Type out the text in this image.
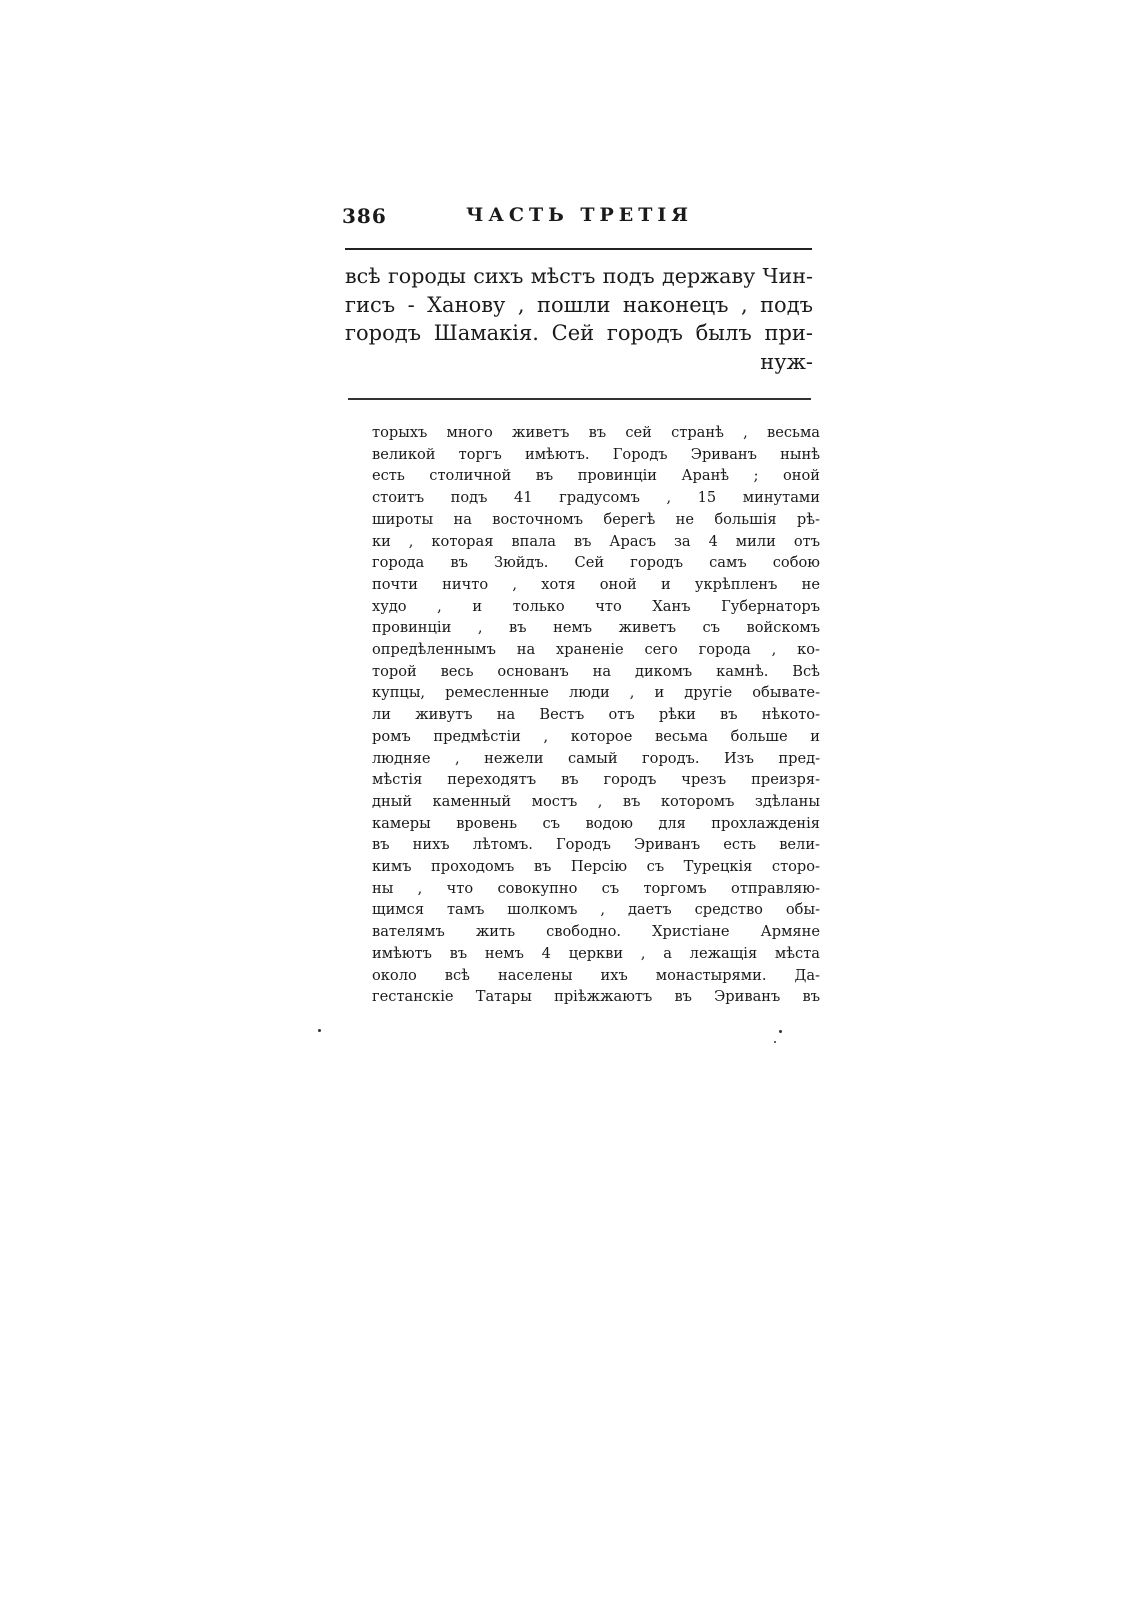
386	ЧАСТЬ ТРЕТІЯ
всѣ городы сихъ мѣстъ подъ державу Чин-
гисъ - Ханову , пошли наконецъ , подъ
городъ Шамакія. Сей городъ былъ при-
нуж-
торыхъ много живетъ въ сей странѣ , весьма
великой торгъ имѣютъ. Городъ Эриванъ нынѣ
есть столичной въ провинціи Аранѣ ; оной
стоитъ подъ 41 градусомъ , 15 минутами
широты на восточномъ берегѣ не большія рѣ-
ки , которая впала въ Арасъ за 4 мили отъ
города въ Зюйдъ. Сей городъ самъ собою
почти ничто , хотя оной и укрѣпленъ не
худо , и только что Ханъ Губернаторъ
провинціи , въ немъ живетъ съ войскомъ
опредѣленнымъ на храненіе сего города , ко-
торой весь основанъ на дикомъ камнѣ. Всѣ
купцы, ремесленные люди , и другіе обывате-
ли живутъ на Вестъ отъ рѣки въ нѣкото-
ромъ предмѣстіи , которое весьма больше и
людняе , нежели самый городъ. Изъ пред-
мѣстія переходятъ въ городъ чрезъ преизря-
дный каменный мостъ , въ которомъ здѣланы
камеры вровень съ водою для прохлажденія
въ нихъ лѣтомъ. Городъ Эриванъ есть вели-
кимъ проходомъ въ Персію съ Турецкія сторо-
ны , что совокупно съ торгомъ отправляю-
щимся тамъ шолкомъ , даетъ средство обы-
вателямъ жить свободно. Христіане Армяне
имѣютъ въ немъ 4 церкви , а лежащія мѣста
около всѣ населены ихъ монастырями. Да-
гестанскіе Татары пріѣжжаютъ въ Эриванъ въ
